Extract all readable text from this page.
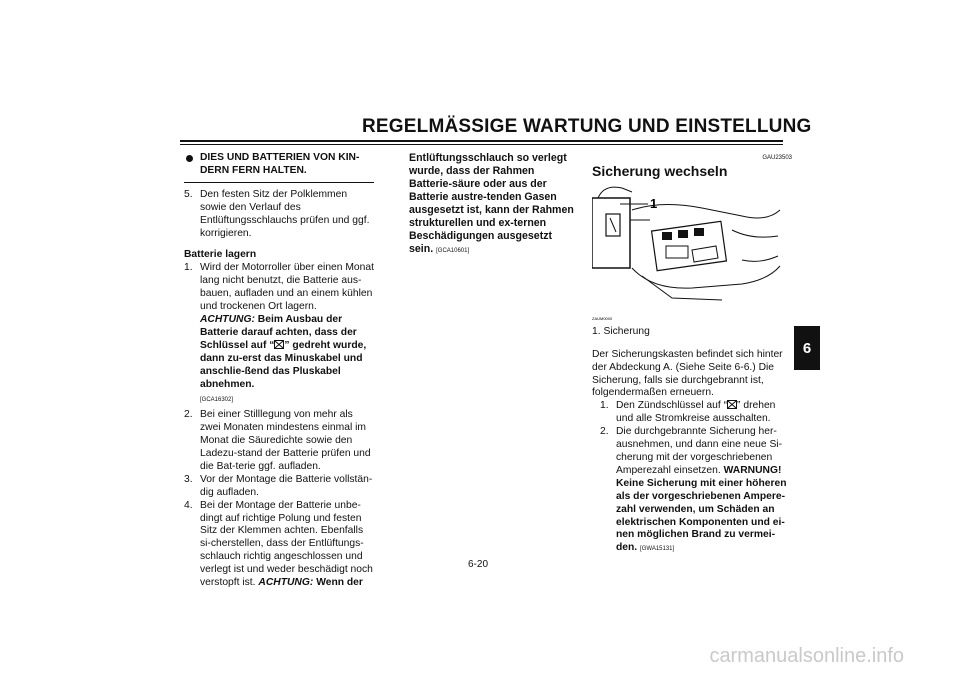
REGELMÄSSIGE WARTUNG UND EINSTELLUNG
6
DIES UND BATTERIEN VON KIN-DERN FERN HALTEN.
5. Den festen Sitz der Polklemmen sowie den Verlauf des Entlüftungsschlauchs prüfen und ggf. korrigieren.
Batterie lagern
1. Wird der Motorroller über einen Monat lang nicht benutzt, die Batterie aus-bauen, aufladen und an einem kühlen und trockenen Ort lagern. ACHTUNG: Beim Ausbau der Batterie darauf achten, dass der Schlüssel auf “ ” gedreht wurde, dann zu-erst das Minuskabel und anschlie-ßend das Pluskabel abnehmen.
[GCA16302]
2. Bei einer Stilllegung von mehr als zwei Monaten mindestens einmal im Monat die Säuredichte sowie den Ladezu-stand der Batterie prüfen und die Bat-terie ggf. aufladen.
3. Vor der Montage die Batterie vollstän-dig aufladen.
4. Bei der Montage der Batterie unbe-dingt auf richtige Polung und festen Sitz der Klemmen achten. Ebenfalls si-cherstellen, dass der Entlüftungs-schlauch richtig angeschlossen und verlegt ist und weder beschädigt noch verstopft ist. ACHTUNG: Wenn der
Entlüftungsschlauch so verlegt wurde, dass der Rahmen Batterie-säure oder aus der Batterie austre-tenden Gasen ausgesetzt ist, kann der Rahmen strukturellen und ex-ternen Beschädigungen ausgesetzt sein. [GCA10601]
GAU23503
Sicherung wechseln
1
ZAUM0000
1. Sicherung
Der Sicherungskasten befindet sich hinter der Abdeckung A. (Siehe Seite 6-6.) Die Sicherung, falls sie durchgebrannt ist, folgendermaßen erneuern.
1. Den Zündschlüssel auf “ ” drehen und alle Stromkreise ausschalten.
2. Die durchgebrannte Sicherung her-ausnehmen, und dann eine neue Si-cherung mit der vorgeschriebenen Amperezahl einsetzen. WARNUNG! Keine Sicherung mit einer höheren als der vorgeschriebenen Ampere-zahl verwenden, um Schäden an elektrischen Komponenten und ei-nen möglichen Brand zu vermei-den. [GWA15131]
6-20
carmanualsonline.info
